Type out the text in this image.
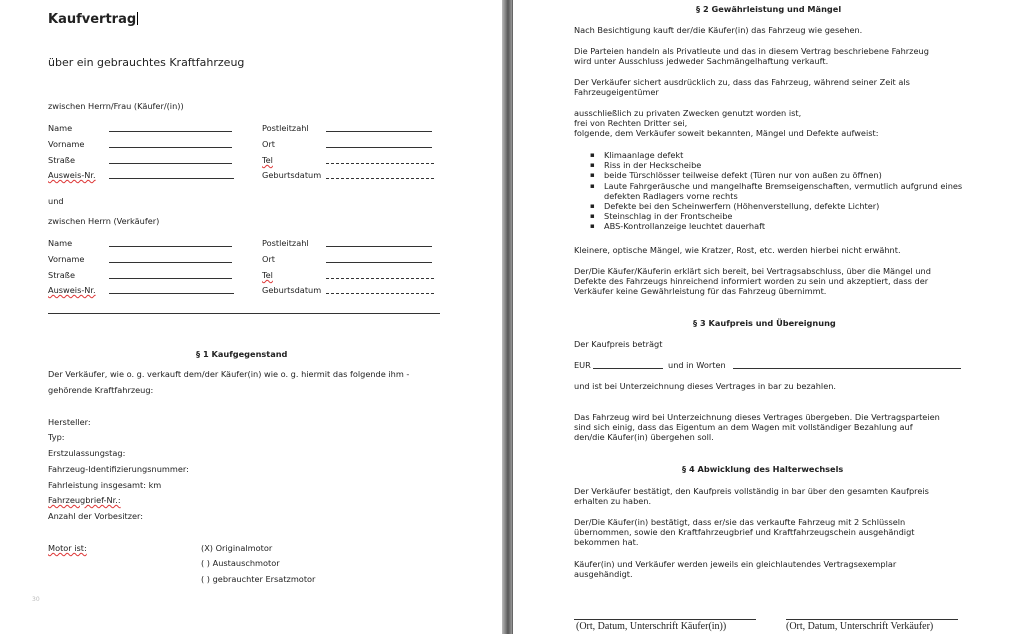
Kaufvertrag
über ein gebrauchtes Kraftfahrzeug
zwischen Herrn/Frau (Käufer/(in))
Name	Postleitzahl
Vorname	Ort
Straße	Tel
Ausweis-Nr.	Geburtsdatum
und
zwischen Herrn (Verkäufer)
Name	Postleitzahl
Vorname	Ort
Straße	Tel
Ausweis-Nr.	Geburtsdatum
§ 1 Kaufgegenstand
Der Verkäufer, wie o. g. verkauft dem/der Käufer(in) wie o. g. hiermit das folgende ihm -
gehörende Kraftfahrzeug:
Hersteller:
Typ:
Erstzulassungstag:
Fahrzeug-Identifizierungsnummer:
Fahrleistung insgesamt: km
Fahrzeugbrief-Nr.:
Anzahl der Vorbesitzer:
Motor ist:	(X) Originalmotor
( ) Austauschmotor
( ) gebrauchter Ersatzmotor
30
§ 2 Gewährleistung und Mängel
Nach Besichtigung kauft der/die Käufer(in) das Fahrzeug wie gesehen.
Die Parteien handeln als Privatleute und das in diesem Vertrag beschriebene Fahrzeug
wird unter Ausschluss jedweder Sachmängelhaftung verkauft.
Der Verkäufer sichert ausdrücklich zu, dass das Fahrzeug, während seiner Zeit als
Fahrzeugeigentümer
ausschließlich zu privaten Zwecken genutzt worden ist,
frei von Rechten Dritter sei,
folgende, dem Verkäufer soweit bekannten, Mängel und Defekte aufweist:
▪ Klimaanlage defekt
▪ Riss in der Heckscheibe
▪ beide Türschlösser teilweise defekt (Türen nur von außen zu öffnen)
▪ Laute Fahrgeräusche und mangelhafte Bremseigenschaften, vermutlich aufgrund eines defekten Radlagers vorne rechts
▪ Defekte bei den Scheinwerfern (Höhenverstellung, defekte Lichter)
▪ Steinschlag in der Frontscheibe
▪ ABS-Kontrollanzeige leuchtet dauerhaft
Kleinere, optische Mängel, wie Kratzer, Rost, etc. werden hierbei nicht erwähnt.
Der/Die Käufer/Käuferin erklärt sich bereit, bei Vertragsabschluss, über die Mängel und
Defekte des Fahrzeugs hinreichend informiert worden zu sein und akzeptiert, dass der
Verkäufer keine Gewährleistung für das Fahrzeug übernimmt.
§ 3 Kaufpreis und Übereignung
Der Kaufpreis beträgt
EUR	und in Worten
und ist bei Unterzeichnung dieses Vertrages in bar zu bezahlen.
Das Fahrzeug wird bei Unterzeichnung dieses Vertrages übergeben. Die Vertragsparteien
sind sich einig, dass das Eigentum an dem Wagen mit vollständiger Bezahlung auf
den/die Käufer(in) übergehen soll.
§ 4 Abwicklung des Halterwechsels
Der Verkäufer bestätigt, den Kaufpreis vollständig in bar über den gesamten Kaufpreis
erhalten zu haben.
Der/Die Käufer(in) bestätigt, dass er/sie das verkaufte Fahrzeug mit 2 Schlüsseln
übernommen, sowie den Kraftfahrzeugbrief und Kraftfahrzeugschein ausgehändigt
bekommen hat.
Käufer(in) und Verkäufer werden jeweils ein gleichlautendes Vertragsexemplar
ausgehändigt.
(Ort, Datum, Unterschrift Käufer(in))	(Ort, Datum, Unterschrift Verkäufer)
